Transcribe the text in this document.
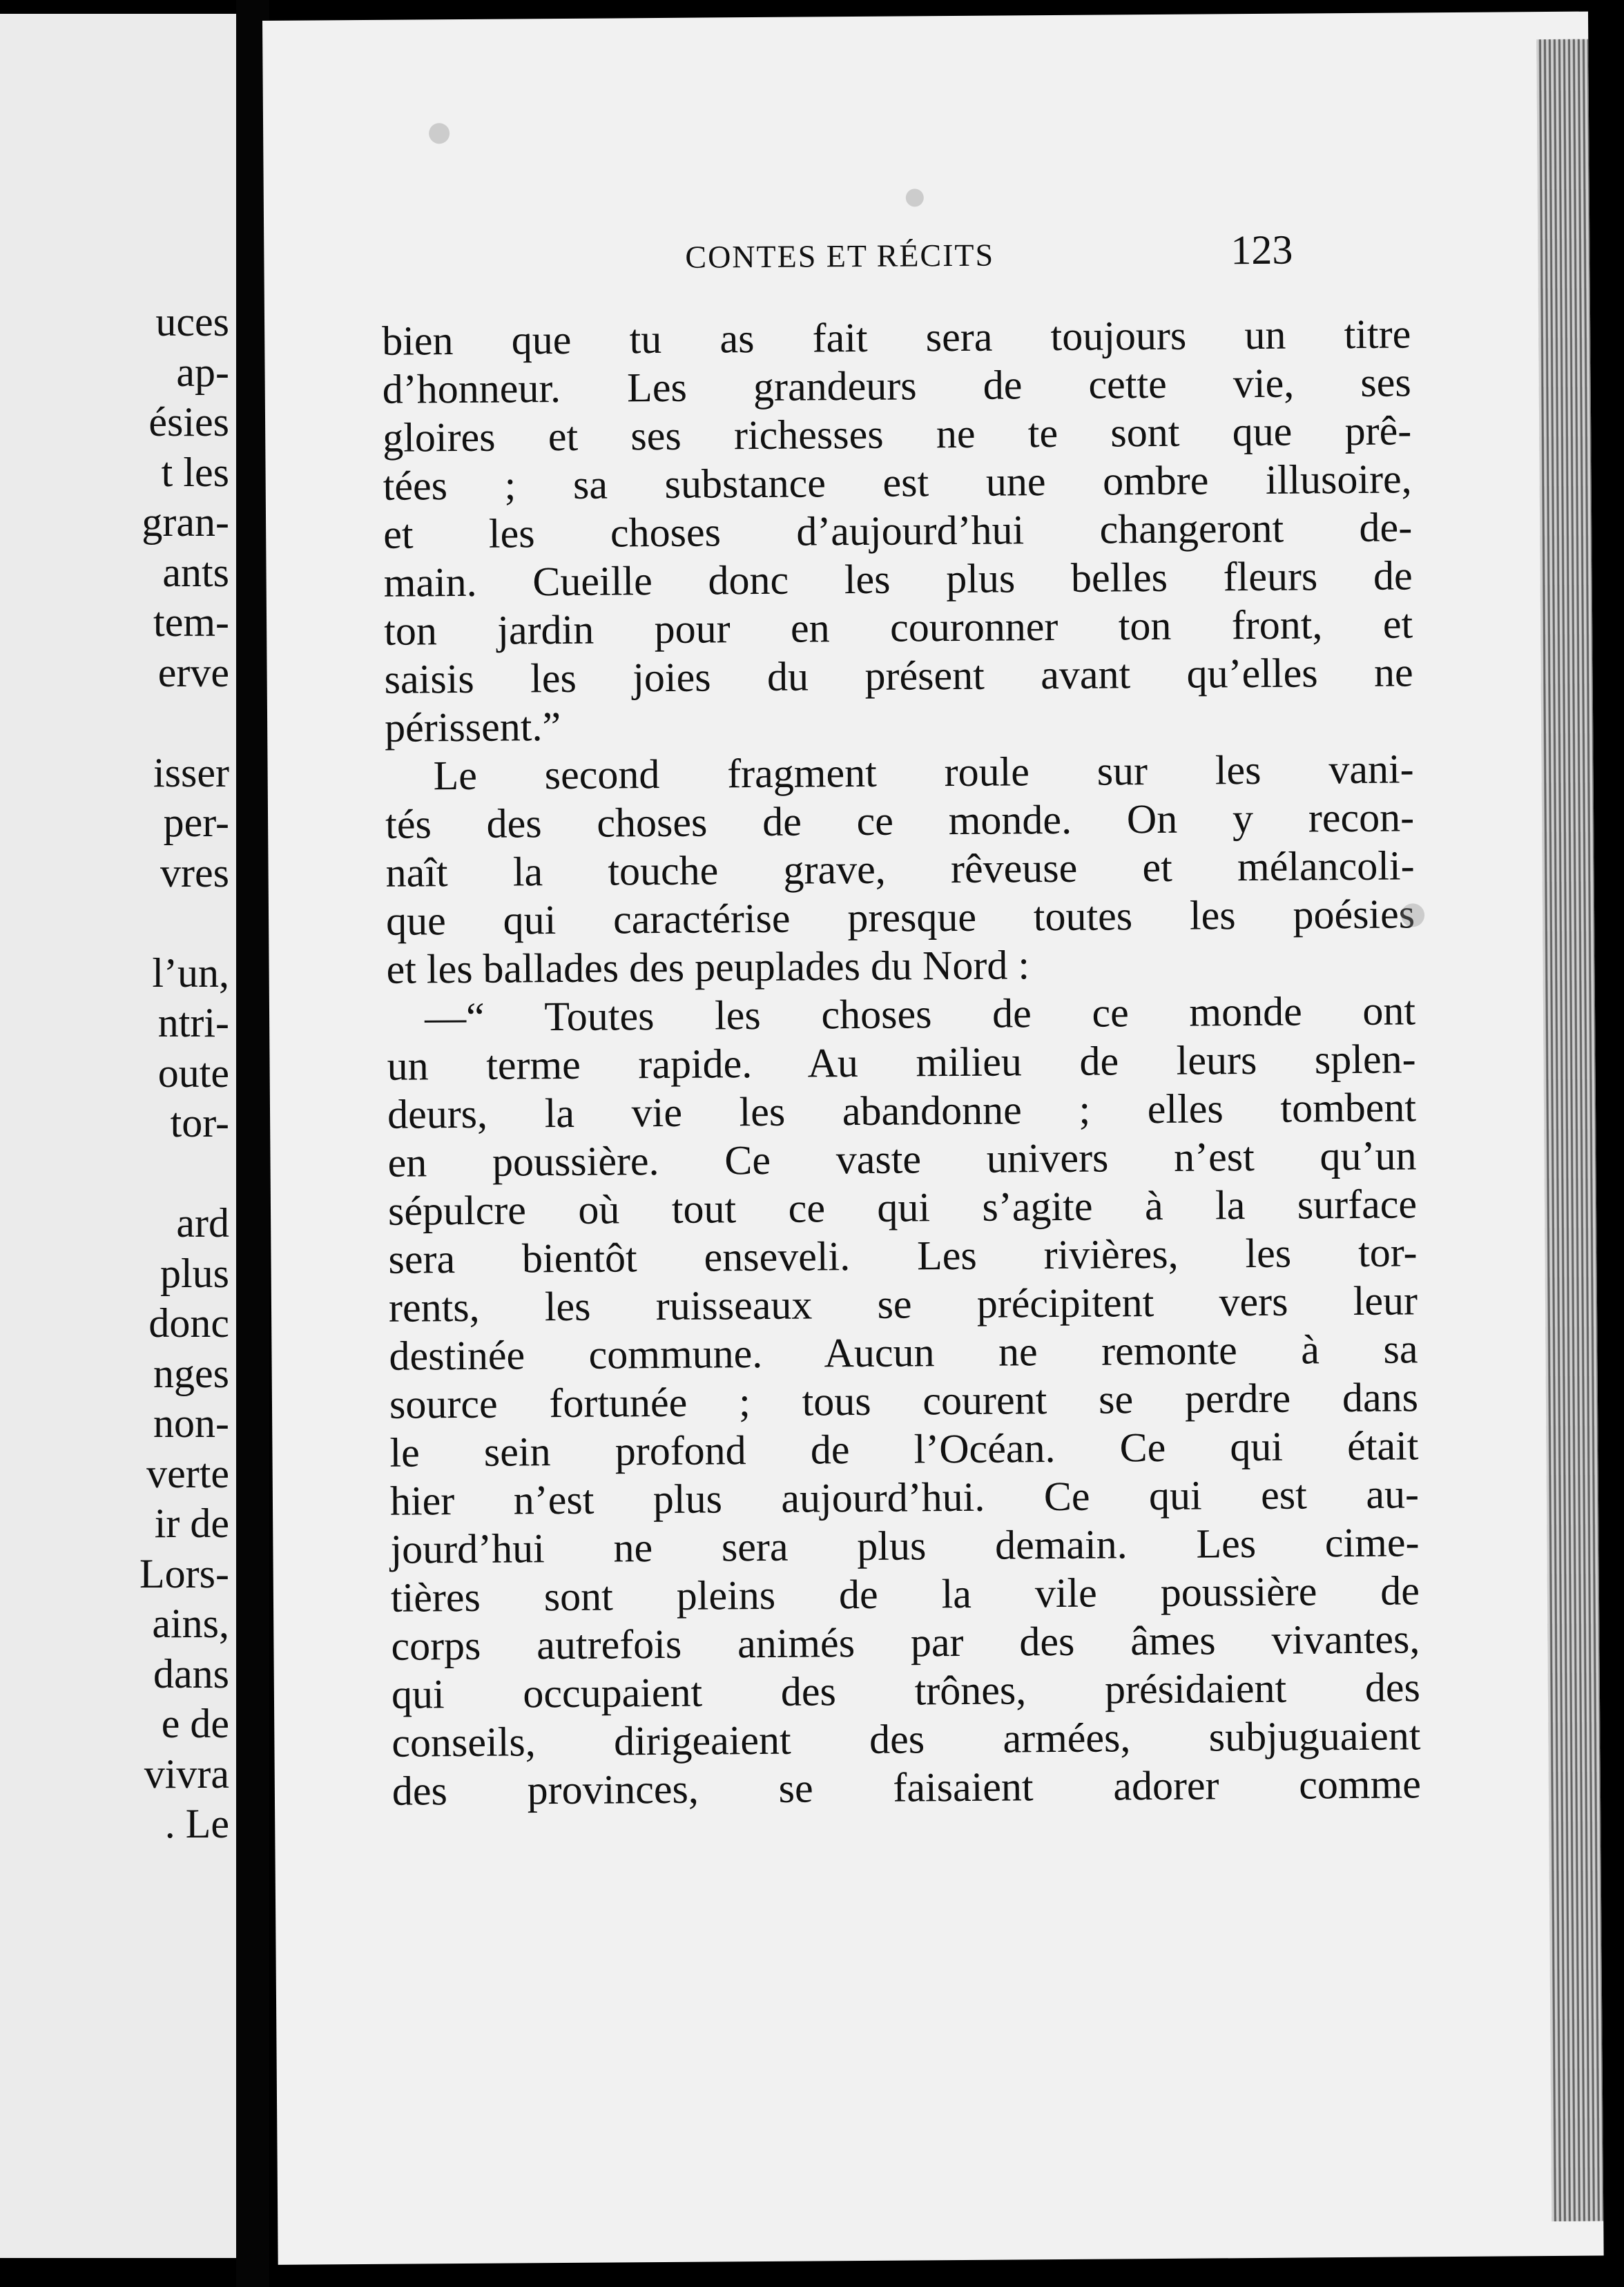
uces
ap-
ésies
t les
gran-
ants
tem-
erve
isser
per-
vres
l’un,
ntri-
oute
tor-
ard
plus
donc
nges
non-
verte
ir de
Lors-
ains,
dans
e de
vivra
. Le
CONTES ET RÉCITS	123
bien que tu as fait sera toujours un titre
d’honneur. Les grandeurs de cette vie, ses
gloires et ses richesses ne te sont que prê-
tées ; sa substance est une ombre illusoire,
et les choses d’aujourd’hui changeront de-
main. Cueille donc les plus belles fleurs de
ton jardin pour en couronner ton front, et
saisis les joies du présent avant qu’elles ne
périssent.”
Le second fragment roule sur les vani-
tés des choses de ce monde. On y recon-
naît la touche grave, rêveuse et mélancoli-
que qui caractérise presque toutes les poésies
et les ballades des peuplades du Nord :
—“ Toutes les choses de ce monde ont
un terme rapide. Au milieu de leurs splen-
deurs, la vie les abandonne ; elles tombent
en poussière. Ce vaste univers n’est qu’un
sépulcre où tout ce qui s’agite à la surface
sera bientôt enseveli. Les rivières, les tor-
rents, les ruisseaux se précipitent vers leur
destinée commune. Aucun ne remonte à sa
source fortunée ; tous courent se perdre dans
le sein profond de l’Océan. Ce qui était
hier n’est plus aujourd’hui. Ce qui est au-
jourd’hui ne sera plus demain. Les cime-
tières sont pleins de la vile poussière de
corps autrefois animés par des âmes vivantes,
qui occupaient des trônes, présidaient des
conseils, dirigeaient des armées, subjuguaient
des provinces, se faisaient adorer comme
